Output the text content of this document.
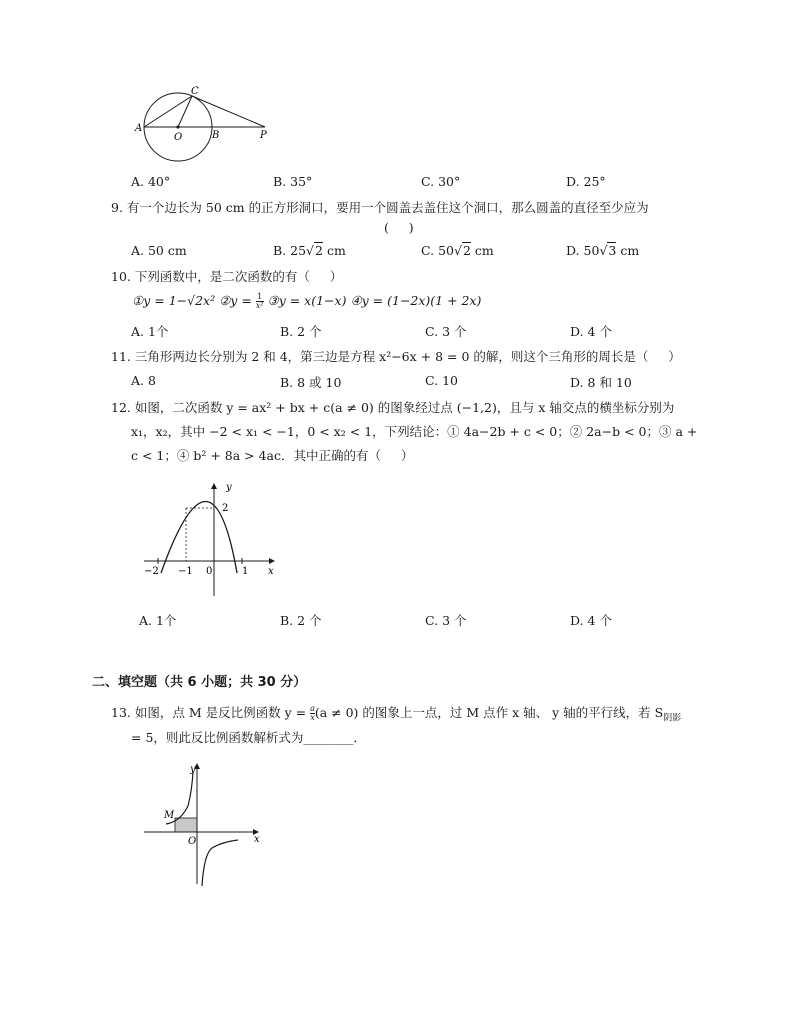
C
A
O	B	P
A. 40°	B. 35°	C. 30°	D. 25°
9. 有一个边长为 50 cm 的正方形洞口，要用一个圆盖去盖住这个洞口，那么圆盖的直径至少应为
(     )
A. 50 cm	B. 25√2 cm	C. 50√2 cm	D. 50√3 cm
10. 下列函数中，是二次函数的有（     ）
①y = 1−√2x² ②y = $\frac{1}{\text{x²}}$ ③y = x(1−x) ④y = (1−2x)(1 + 2x)
A. 1个	B. 2 个	C. 3 个	D. 4 个
11. 三角形两边长分别为 2 和 4，第三边是方程 x²−6x + 8 = 0 的解，则这个三角形的周长是（     ）
A. 8	B. 8 或 10	C. 10	D. 8 和 10
12. 如图，二次函数 y = ax² + bx + c(a ≠ 0) 的图象经过点 (−1,2)，且与 x 轴交点的横坐标分别为
x₁，x₂，其中 −2 < x₁ < −1，0 < x₂ < 1，下列结论：① 4a−2b + c < 0；② 2a−b < 0；③ a +
c < 1；④ b² + 8a > 4ac．其中正确的有（     ）
y
2
−2 −1 0	1 x
A. 1个	B. 2 个	C. 3 个	D. 4 个
二、填空题（共 6 小题；共 30 分）
13. 如图，点 M 是反比例函数 $y = \frac{a}{x} (a \ne 0)$ 的图象上一点，过 M 点作 x 轴、 y 轴的平行线，若 $S_{阴影}$
= 5，则此反比例函数解析式为________．
y
M
O	x
